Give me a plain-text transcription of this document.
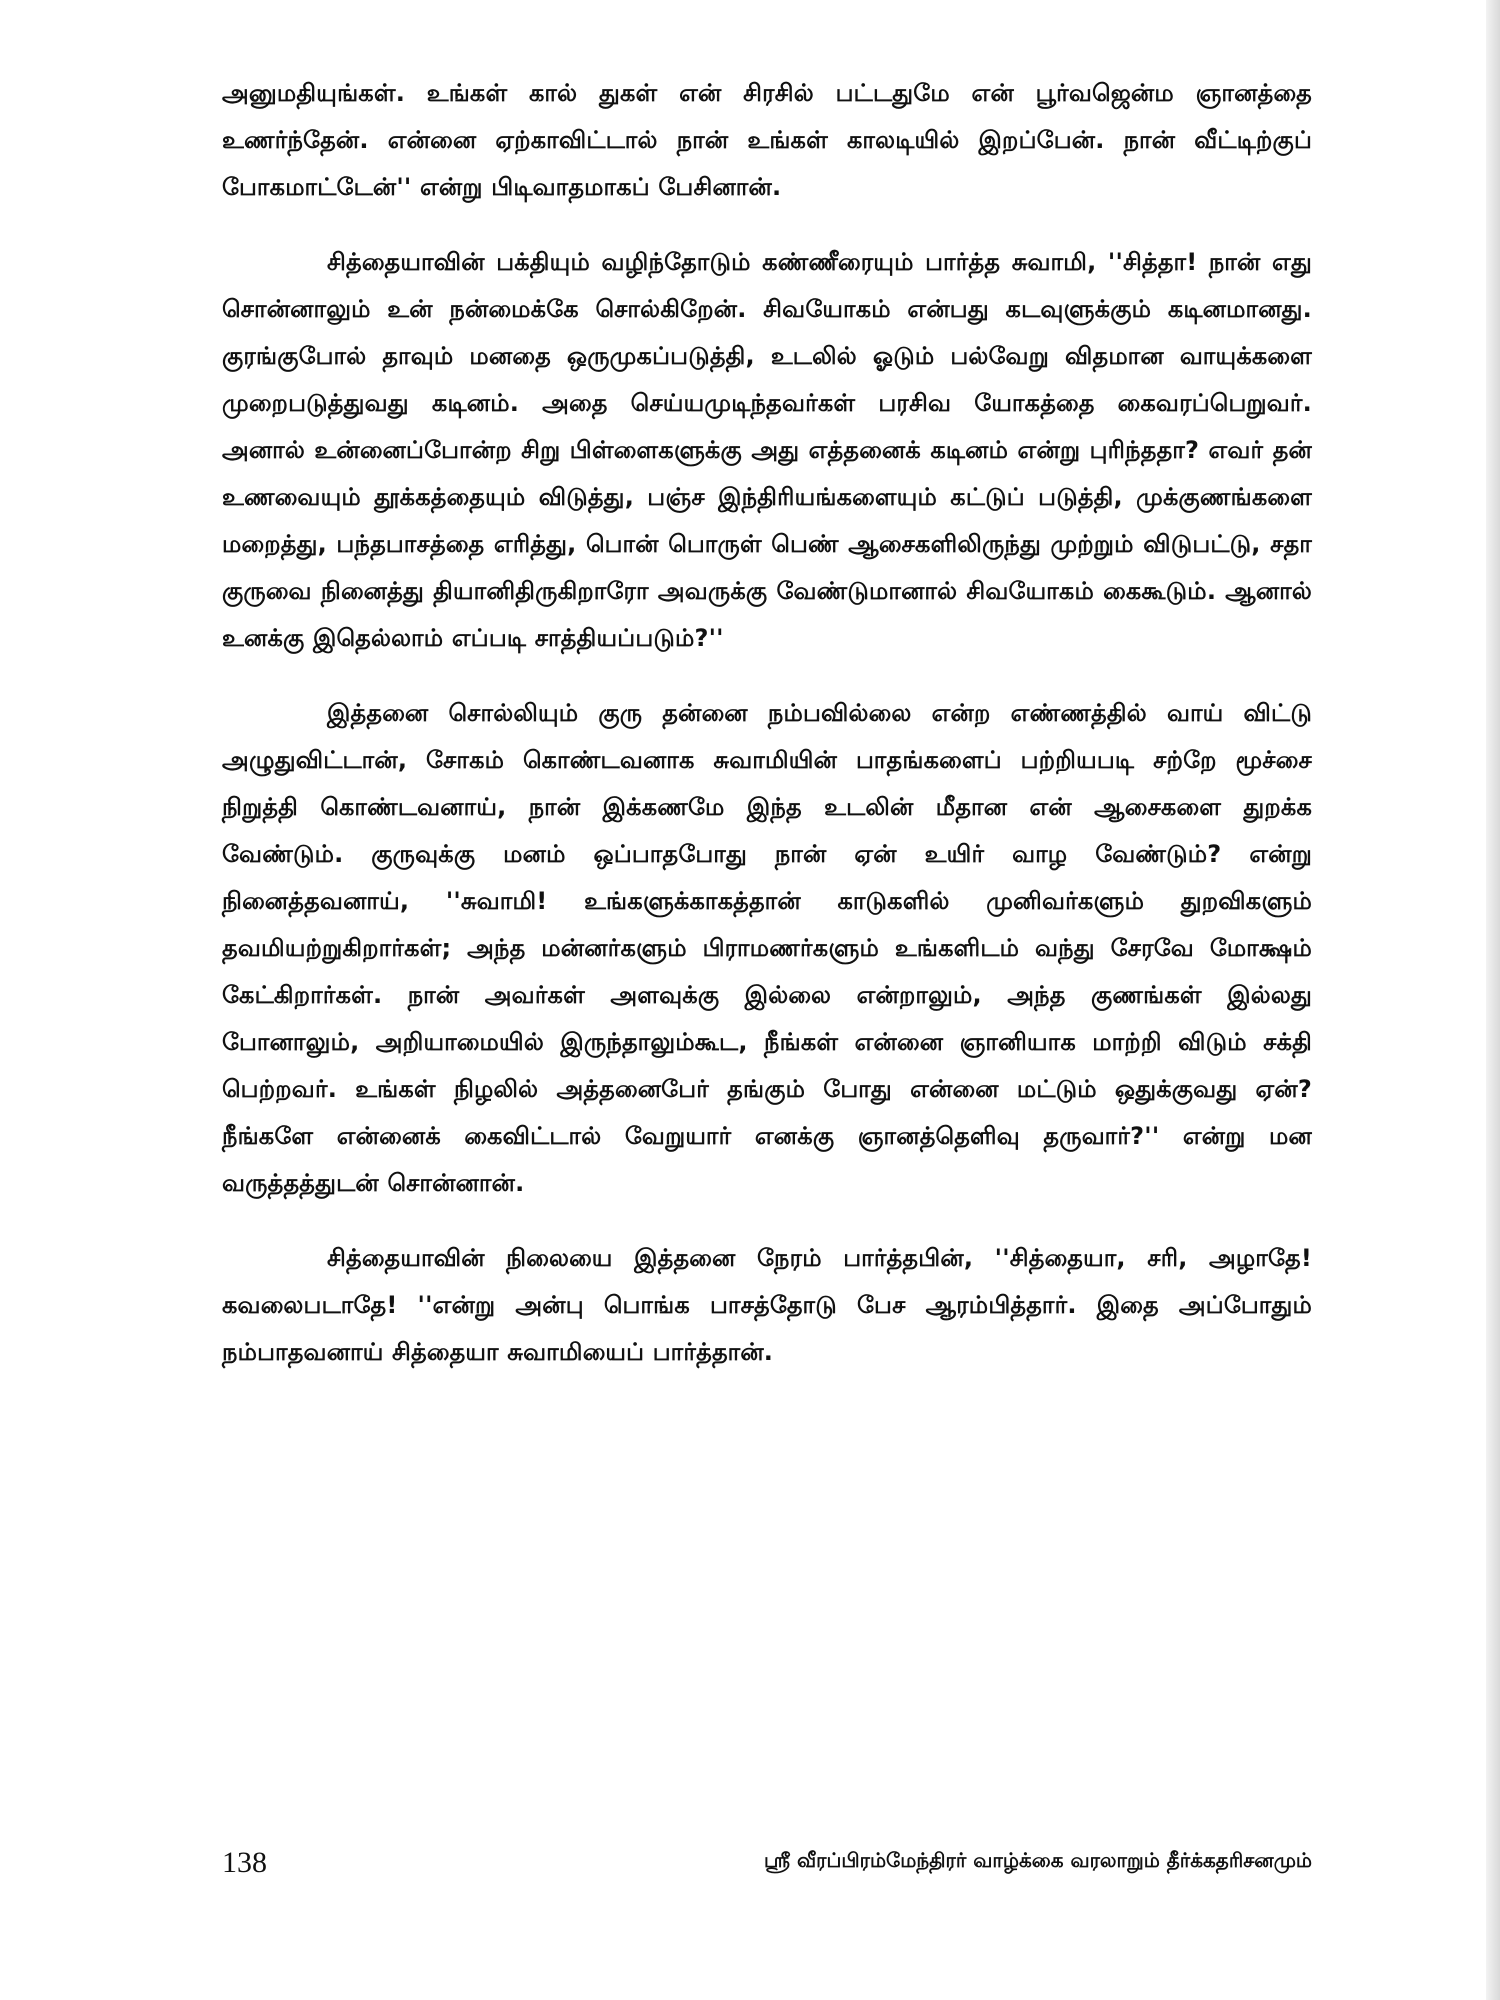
அனுமதியுங்கள். உங்கள் கால் துகள் என் சிரசில் பட்டதுமே என் பூர்வஜென்ம ஞானத்தை உணர்ந்தேன். என்னை ஏற்காவிட்டால் நான் உங்கள் காலடியில் இறப்பேன். நான் வீட்டிற்குப் போகமாட்டேன்'' என்று பிடிவாதமாகப் பேசினான்.

சித்தையாவின் பக்தியும் வழிந்தோடும் கண்ணீரையும் பார்த்த சுவாமி, ''சித்தா! நான் எது சொன்னாலும் உன் நன்மைக்கே சொல்கிறேன். சிவயோகம் என்பது கடவுளுக்கும் கடினமானது. குரங்குபோல் தாவும் மனதை ஒருமுகப்படுத்தி, உடலில் ஓடும் பல்வேறு விதமான வாயுக்களை முறைபடுத்துவது கடினம். அதை செய்யமுடிந்தவர்கள் பரசிவ யோகத்தை கைவரப்பெறுவர். அனால் உன்னைப்போன்ற சிறு பிள்ளைகளுக்கு அது எத்தனைக் கடினம் என்று புரிந்ததா? எவர் தன் உணவையும் தூக்கத்தையும் விடுத்து, பஞ்ச இந்திரியங்களையும் கட்டுப் படுத்தி, முக்குணங்களை மறைத்து, பந்தபாசத்தை எரித்து, பொன் பொருள் பெண் ஆசைகளிலிருந்து முற்றும் விடுபட்டு, சதா குருவை நினைத்து தியானிதிருகிறாரோ அவருக்கு வேண்டுமானால் சிவயோகம் கைகூடும். ஆனால் உனக்கு இதெல்லாம் எப்படி சாத்தியப்படும்?''

இத்தனை சொல்லியும் குரு தன்னை நம்பவில்லை என்ற எண்ணத்தில் வாய் விட்டு அழுதுவிட்டான், சோகம் கொண்டவனாக சுவாமியின் பாதங்களைப் பற்றியபடி சற்றே மூச்சை நிறுத்தி கொண்டவனாய், நான் இக்கணமே இந்த உடலின் மீதான என் ஆசைகளை துறக்க வேண்டும். குருவுக்கு மனம் ஒப்பாதபோது நான் ஏன் உயிர் வாழ வேண்டும்? என்று நினைத்தவனாய், ''சுவாமி! உங்களுக்காகத்தான் காடுகளில் முனிவர்களும் துறவிகளும் தவமியற்றுகிறார்கள்; அந்த மன்னர்களும் பிராமணர்களும் உங்களிடம் வந்து சேரவே மோக்ஷம் கேட்கிறார்கள். நான் அவர்கள் அளவுக்கு இல்லை என்றாலும், அந்த குணங்கள் இல்லது போனாலும், அறியாமையில் இருந்தாலும்கூட, நீங்கள் என்னை ஞானியாக மாற்றி விடும் சக்தி பெற்றவர். உங்கள் நிழலில் அத்தனைபேர் தங்கும் போது என்னை மட்டும் ஒதுக்குவது ஏன்? நீங்களே என்னைக் கைவிட்டால் வேறுயார் எனக்கு ஞானத்தெளிவு தருவார்?'' என்று மன வருத்தத்துடன் சொன்னான்.

சித்தையாவின் நிலையை இத்தனை நேரம் பார்த்தபின், ''சித்தையா, சரி, அழாதே! கவலைபடாதே! ''என்று அன்பு பொங்க பாசத்தோடு பேச ஆரம்பித்தார். இதை அப்போதும் நம்பாதவனாய் சித்தையா சுவாமியைப் பார்த்தான்.

138	ஸ்ரீ வீரப்பிரம்மேந்திரர் வாழ்க்கை வரலாறும் தீர்க்கதரிசனமும்
